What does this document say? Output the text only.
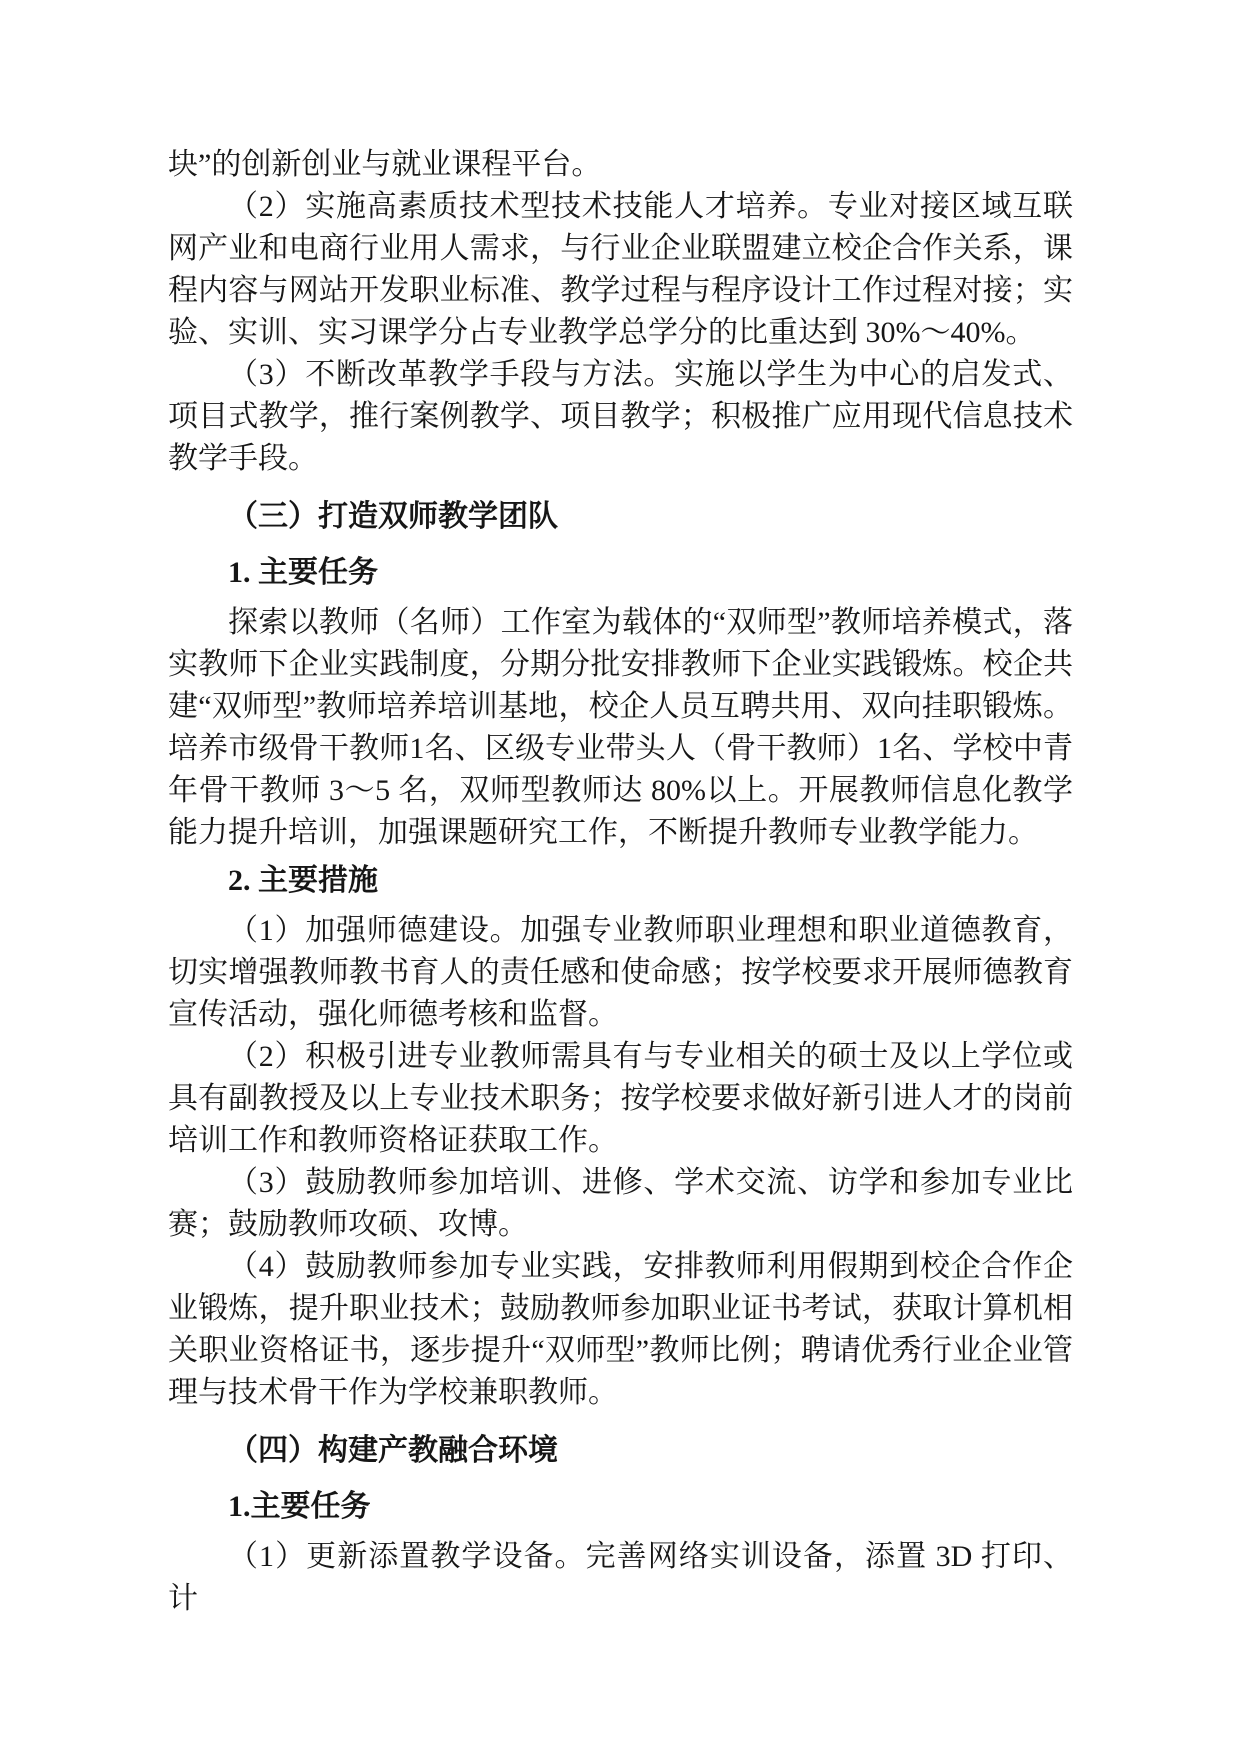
块”的创新创业与就业课程平台。

（2）实施高素质技术型技术技能人才培养。专业对接区域互联网产业和电商行业用人需求，与行业企业联盟建立校企合作关系，课程内容与网站开发职业标准、教学过程与程序设计工作过程对接；实验、实训、实习课学分占专业教学总学分的比重达到 30%～40%。

（3）不断改革教学手段与方法。实施以学生为中心的启发式、项目式教学，推行案例教学、项目教学；积极推广应用现代信息技术教学手段。

（三）打造双师教学团队

1. 主要任务

探索以教师（名师）工作室为载体的“双师型”教师培养模式，落实教师下企业实践制度，分期分批安排教师下企业实践锻炼。校企共建“双师型”教师培养培训基地，校企人员互聘共用、双向挂职锻炼。培养市级骨干教师1名、区级专业带头人（骨干教师）1名、学校中青年骨干教师 3～5 名，双师型教师达 80%以上。开展教师信息化教学能力提升培训，加强课题研究工作，不断提升教师专业教学能力。

2. 主要措施

（1）加强师德建设。加强专业教师职业理想和职业道德教育，切实增强教师教书育人的责任感和使命感；按学校要求开展师德教育宣传活动，强化师德考核和监督。

（2）积极引进专业教师需具有与专业相关的硕士及以上学位或具有副教授及以上专业技术职务；按学校要求做好新引进人才的岗前培训工作和教师资格证获取工作。

（3）鼓励教师参加培训、进修、学术交流、访学和参加专业比赛；鼓励教师攻硕、攻博。

（4）鼓励教师参加专业实践，安排教师利用假期到校企合作企业锻炼，提升职业技术；鼓励教师参加职业证书考试，获取计算机相关职业资格证书，逐步提升“双师型”教师比例；聘请优秀行业企业管理与技术骨干作为学校兼职教师。

（四）构建产教融合环境

1.主要任务

（1）更新添置教学设备。完善网络实训设备，添置 3D 打印、计
